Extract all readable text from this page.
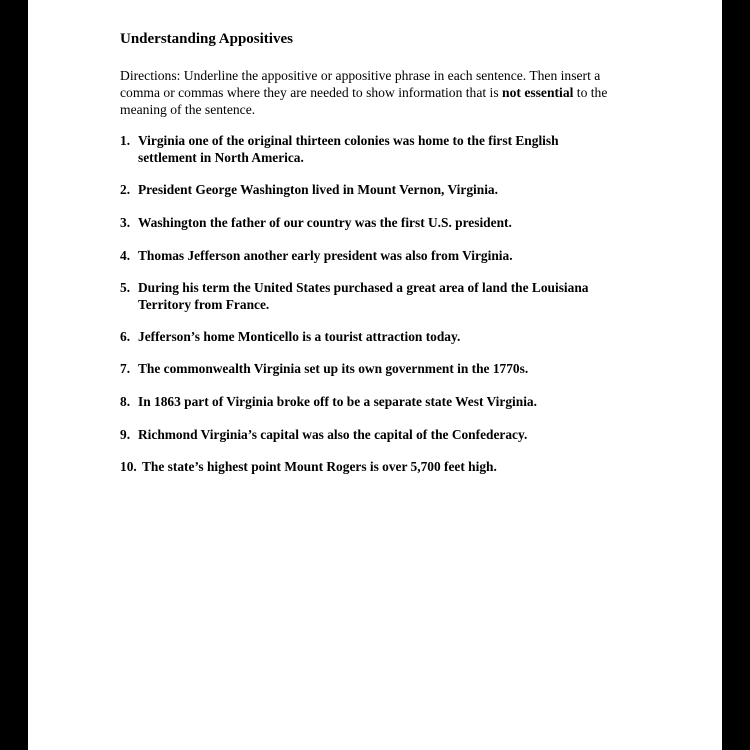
Understanding Appositives

Directions: Underline the appositive or appositive phrase in each sentence. Then insert a comma or commas where they are needed to show information that is not essential to the meaning of the sentence.

1. Virginia one of the original thirteen colonies was home to the first English settlement in North America.
2. President George Washington lived in Mount Vernon, Virginia.
3. Washington the father of our country was the first U.S. president.
4. Thomas Jefferson another early president was also from Virginia.
5. During his term the United States purchased a great area of land the Louisiana Territory from France.
6. Jefferson’s home Monticello is a tourist attraction today.
7. The commonwealth Virginia set up its own government in the 1770s.
8. In 1863 part of Virginia broke off to be a separate state West Virginia.
9. Richmond Virginia’s capital was also the capital of the Confederacy.
10. The state’s highest point Mount Rogers is over 5,700 feet high.
